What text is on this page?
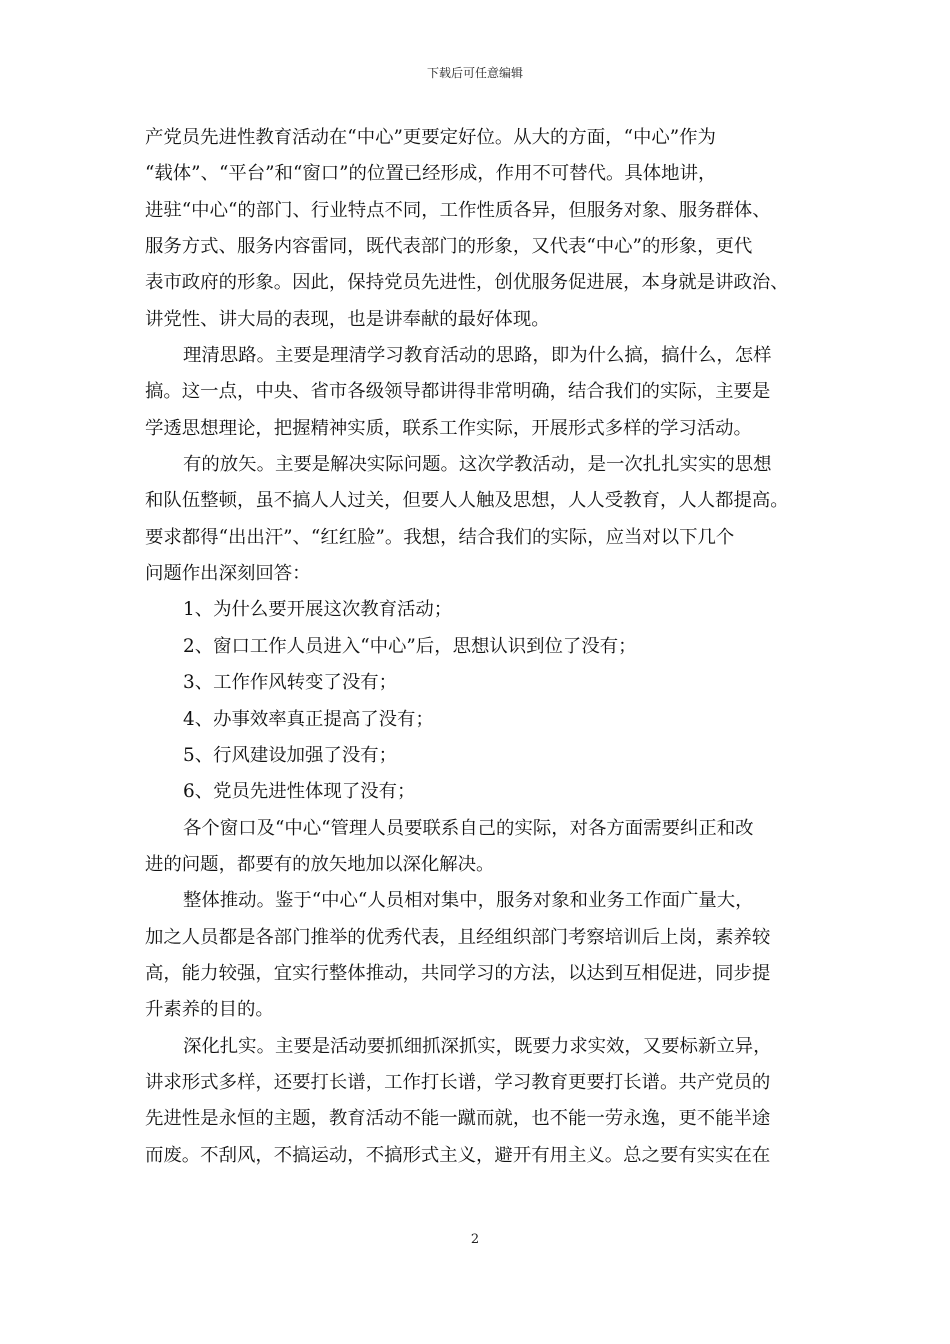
下载后可任意编辑
产党员先进性教育活动在“中心”更要定好位。从大的方面，“中心”作为
“载体”、“平台”和“窗口”的位置已经形成，作用不可替代。具体地讲，
进驻“中心“的部门、行业特点不同，工作性质各异，但服务对象、服务群体、
服务方式、服务内容雷同，既代表部门的形象，又代表“中心”的形象，更代
表市政府的形象。因此，保持党员先进性，创优服务促进展，本身就是讲政治、
讲党性、讲大局的表现，也是讲奉献的最好体现。
理清思路。主要是理清学习教育活动的思路，即为什么搞，搞什么，怎样
搞。这一点，中央、省市各级领导都讲得非常明确，结合我们的实际，主要是
学透思想理论，把握精神实质，联系工作实际，开展形式多样的学习活动。
有的放矢。主要是解决实际问题。这次学教活动，是一次扎扎实实的思想
和队伍整顿，虽不搞人人过关，但要人人触及思想，人人受教育，人人都提高。
要求都得“出出汗”、“红红脸”。我想，结合我们的实际，应当对以下几个
问题作出深刻回答：
1、为什么要开展这次教育活动；
2、窗口工作人员进入“中心”后，思想认识到位了没有；
3、工作作风转变了没有；
4、办事效率真正提高了没有；
5、行风建设加强了没有；
6、党员先进性体现了没有；
各个窗口及“中心“管理人员要联系自己的实际，对各方面需要纠正和改
进的问题，都要有的放矢地加以深化解决。
整体推动。鉴于“中心“人员相对集中，服务对象和业务工作面广量大，
加之人员都是各部门推举的优秀代表，且经组织部门考察培训后上岗，素养较
高，能力较强，宜实行整体推动，共同学习的方法，以达到互相促进，同步提
升素养的目的。
深化扎实。主要是活动要抓细抓深抓实，既要力求实效，又要标新立异，
讲求形式多样，还要打长谱，工作打长谱，学习教育更要打长谱。共产党员的
先进性是永恒的主题，教育活动不能一蹴而就，也不能一劳永逸，更不能半途
而废。不刮风，不搞运动，不搞形式主义，避开有用主义。总之要有实实在在
2
